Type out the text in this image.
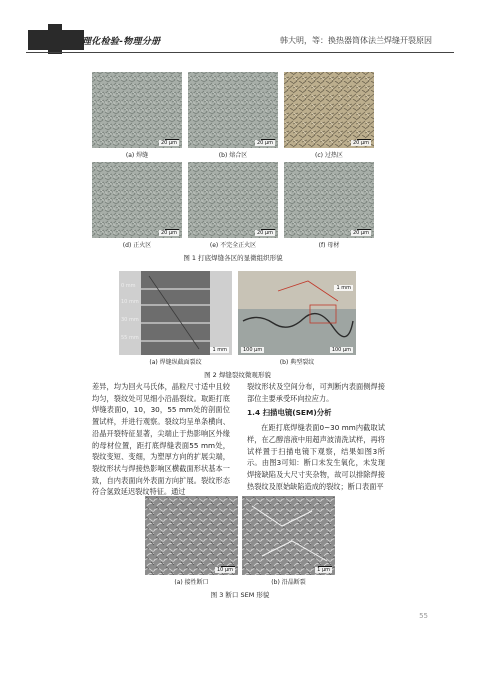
理化检验-物理分册	韩大明，等：换热器筒体法兰焊缝开裂原因
20 μm	20 μm	20 μm
(a) 焊缝	(b) 熔合区	(c) 过热区
20 μm	20 μm	20 μm
(d) 正火区	(e) 不完全正火区	(f) 母材
图 1 打底焊缝各区的显微组织形貌
0 mm
10 mm
30 mm
55 mm
1 mm
1 mm
100 μm	100 μm
(a) 焊缝纵截面裂纹	(b) 典型裂纹
图 2 焊缝裂纹微观形貌

差异，均为回火马氏体，晶粒尺寸适中且较均匀，裂纹处可见细小沿晶裂纹。取距打底焊缝表面0，10，30，55 mm处的剖面位置试样，并进行观察。裂纹均呈单条横向、沿晶开裂特征显著，尖端止于热影响区外缘的母材位置，距打底焊缝表面55 mm处，裂纹变短、变细，为塑厚方向的扩展尖端，裂纹形状与焊接热影响区横截面形状基本一致，自内表面向外表面方向扩展。裂纹形态符合氢致延迟裂纹特征。通过

裂纹形状及空间分布，可判断内表面侧焊接部位主要承受环向拉应力。

1.4 扫描电镜(SEM)分析

在距打底焊缝表面0~30 mm内截取试样，在乙醇溶液中用超声波清洗试样，再将试样置于扫描电镜下观察，结果如图3所示。由图3可知：断口未发生氧化，未发现焊接缺陷及大尺寸夹杂物，故可以排除焊接热裂纹及原始缺陷造成的裂纹；断口表面平

10 μm	1 μm
(a) 接性断口	(b) 沿晶断裂
图 3 断口 SEM 形貌
55
